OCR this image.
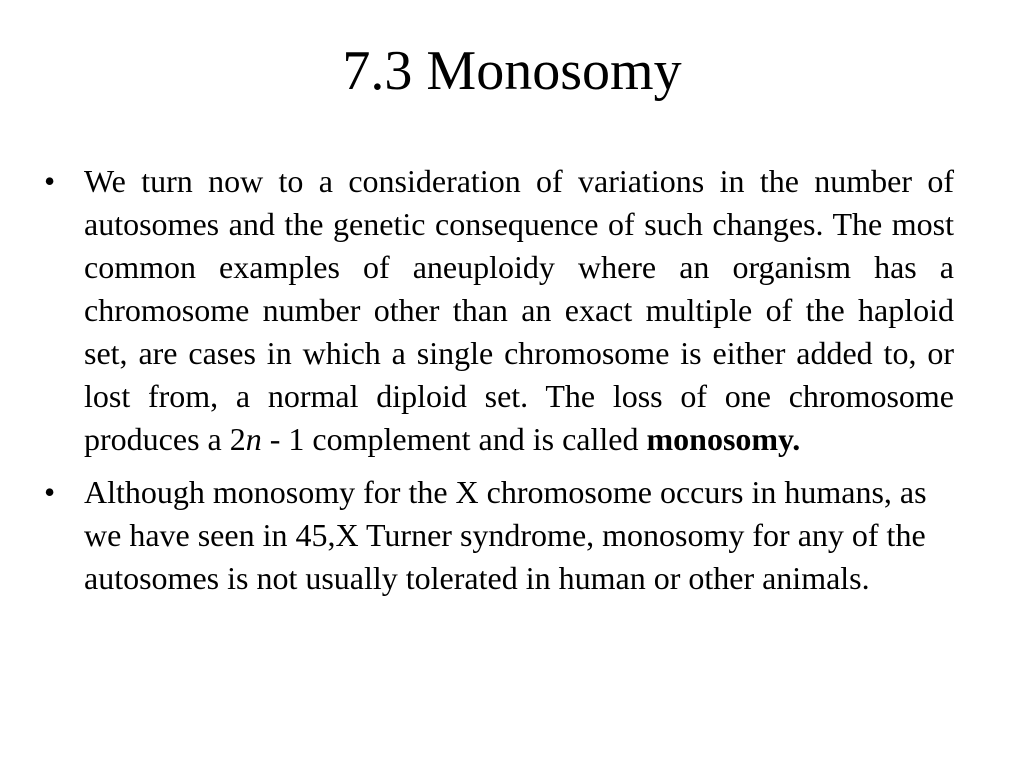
7.3 Monosomy
• We turn now to a consideration of variations in the number of autosomes and the genetic consequence of such changes. The most common examples of aneuploidy where an organism has a chromosome number other than an exact multiple of the haploid set, are cases in which a single chromosome is either added to, or lost from, a normal diploid set. The loss of one chromosome produces a 2n - 1 complement and is called monosomy.
• Although monosomy for the X chromosome occurs in humans, as we have seen in 45,X Turner syndrome, monosomy for any of the autosomes is not usually tolerated in human or other animals.
